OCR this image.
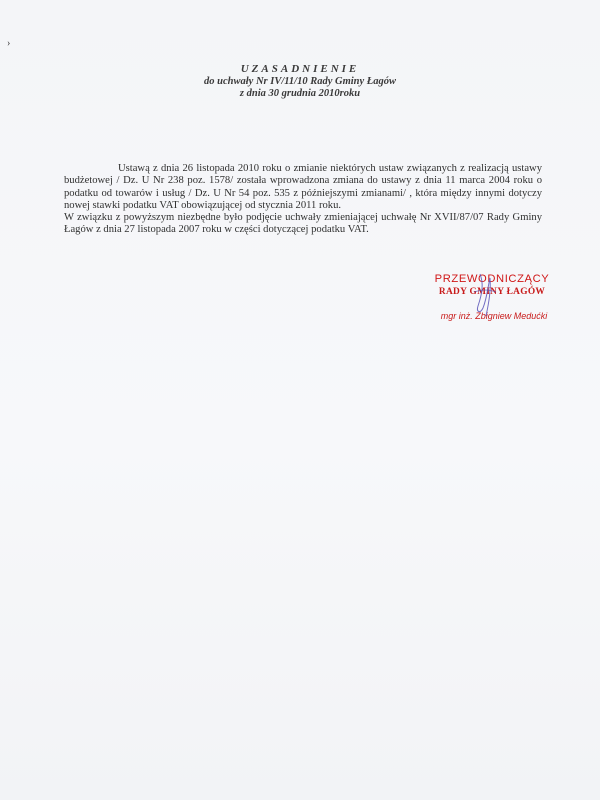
›
UZASADNIENIE
do uchwały Nr IV/11/10 Rady Gminy Łagów
z dnia 30 grudnia 2010roku

Ustawą z dnia 26 listopada 2010 roku o zmianie niektórych ustaw związanych z realizacją ustawy budżetowej / Dz. U Nr 238 poz. 1578/ została wprowadzona zmiana do ustawy z dnia 11 marca 2004 roku o podatku od towarów i usług / Dz. U Nr 54 poz. 535 z późniejszymi zmianami/ , która między innymi dotyczy nowej stawki podatku VAT obowiązującej od stycznia 2011 roku.

W związku z powyższym niezbędne było podjęcie uchwały zmieniającej uchwałę Nr XVII/87/07 Rady Gminy Łagów z dnia 27 listopada 2007 roku w części dotyczącej podatku VAT.

PRZEWODNICZĄCY
RADY GMINY ŁAGÓW
mgr inż. Zbigniew Medućki
